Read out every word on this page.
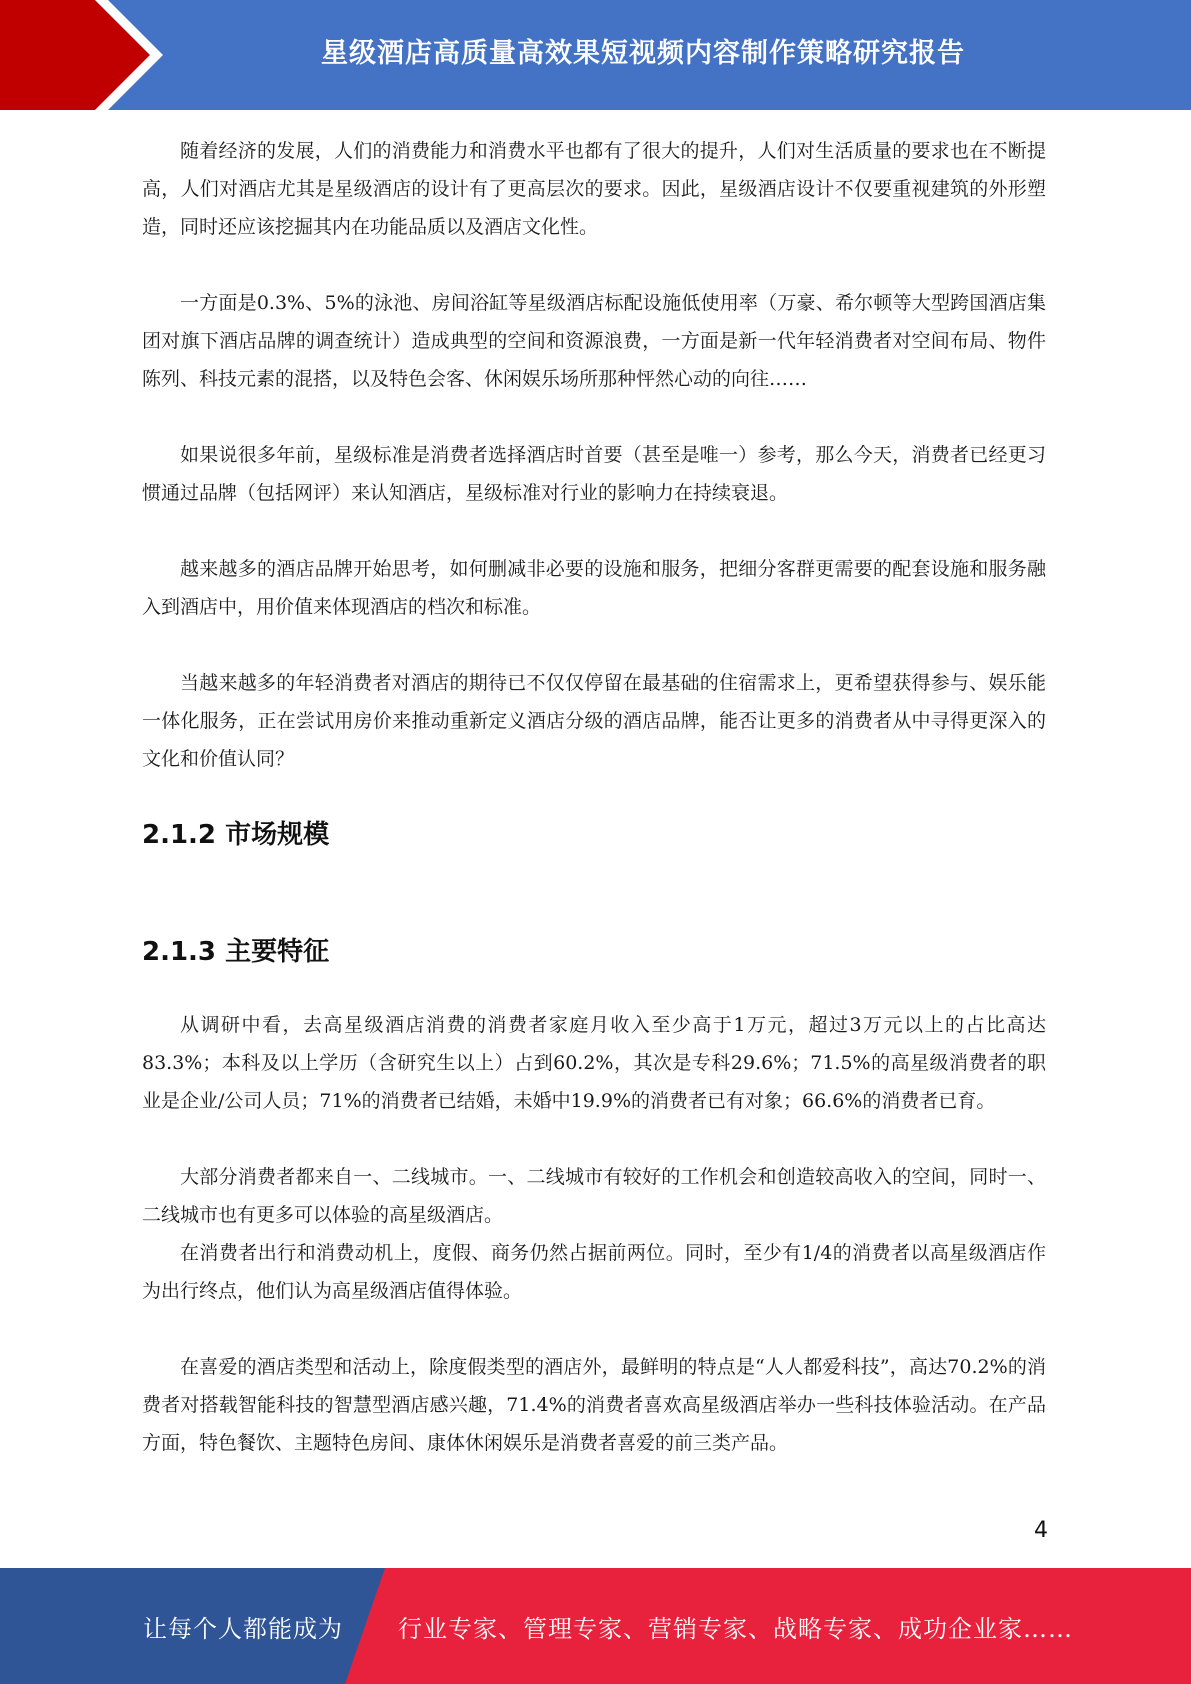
星级酒店高质量高效果短视频内容制作策略研究报告

随着经济的发展，人们的消费能力和消费水平也都有了很大的提升，人们对生活质量的要求也在不断提高，人们对酒店尤其是星级酒店的设计有了更高层次的要求。因此，星级酒店设计不仅要重视建筑的外形塑造，同时还应该挖掘其内在功能品质以及酒店文化性。

一方面是0.3%、5%的泳池、房间浴缸等星级酒店标配设施低使用率（万豪、希尔顿等大型跨国酒店集团对旗下酒店品牌的调查统计）造成典型的空间和资源浪费，一方面是新一代年轻消费者对空间布局、物件陈列、科技元素的混搭，以及特色会客、休闲娱乐场所那种怦然心动的向往……

如果说很多年前，星级标准是消费者选择酒店时首要（甚至是唯一）参考，那么今天，消费者已经更习惯通过品牌（包括网评）来认知酒店，星级标准对行业的影响力在持续衰退。

越来越多的酒店品牌开始思考，如何删减非必要的设施和服务，把细分客群更需要的配套设施和服务融入到酒店中，用价值来体现酒店的档次和标准。

当越来越多的年轻消费者对酒店的期待已不仅仅停留在最基础的住宿需求上，更希望获得参与、娱乐能一体化服务，正在尝试用房价来推动重新定义酒店分级的酒店品牌，能否让更多的消费者从中寻得更深入的文化和价值认同？

2.1.2 市场规模
2.1.3 主要特征

从调研中看，去高星级酒店消费的消费者家庭月收入至少高于1万元，超过3万元以上的占比高达83.3%；本科及以上学历（含研究生以上）占到60.2%，其次是专科29.6%；71.5%的高星级消费者的职业是企业/公司人员；71%的消费者已结婚，未婚中19.9%的消费者已有对象；66.6%的消费者已育。

大部分消费者都来自一、二线城市。一、二线城市有较好的工作机会和创造较高收入的空间，同时一、二线城市也有更多可以体验的高星级酒店。

在消费者出行和消费动机上，度假、商务仍然占据前两位。同时，至少有1/4的消费者以高星级酒店作为出行终点，他们认为高星级酒店值得体验。

在喜爱的酒店类型和活动上，除度假类型的酒店外，最鲜明的特点是“人人都爱科技”，高达70.2%的消费者对搭载智能科技的智慧型酒店感兴趣，71.4%的消费者喜欢高星级酒店举办一些科技体验活动。在产品方面，特色餐饮、主题特色房间、康体休闲娱乐是消费者喜爱的前三类产品。

4
让每个人都能成为 行业专家、管理专家、营销专家、战略专家、成功企业家……
